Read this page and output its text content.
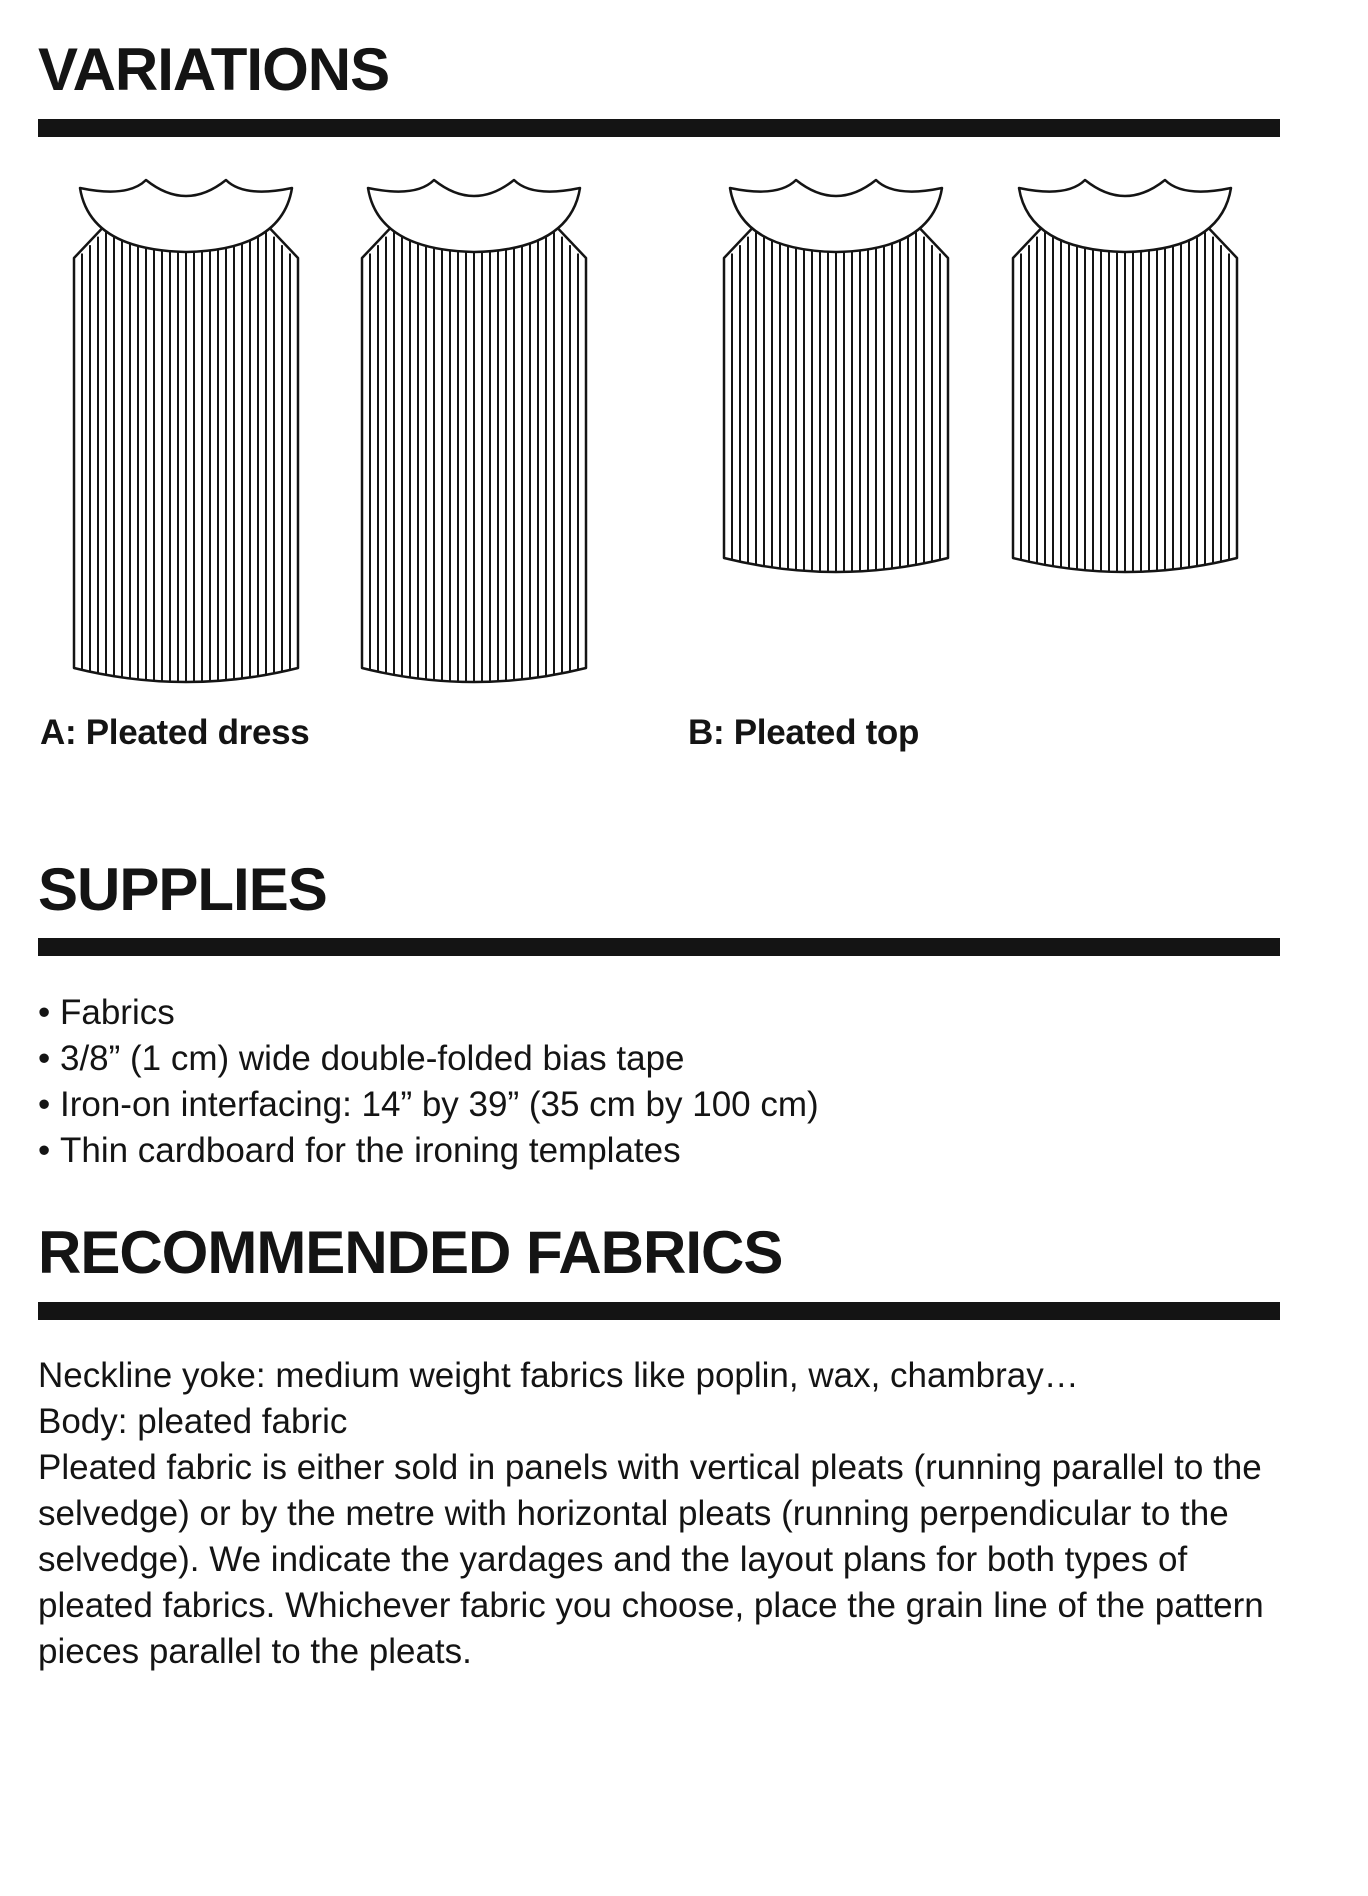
VARIATIONS

A: Pleated dress	B: Pleated top

SUPPLIES
• Fabrics
• 3/8” (1 cm) wide double-folded bias tape
• Iron-on interfacing: 14” by 39” (35 cm by 100 cm)
• Thin cardboard for the ironing templates
RECOMMENDED FABRICS

Neckline yoke: medium weight fabrics like poplin, wax, chambray…

Body: pleated fabric

Pleated fabric is either sold in panels with vertical pleats (running parallel to the selvedge) or by the metre with horizontal pleats (running perpendicular to the selvedge). We indicate the yardages and the layout plans for both types of pleated fabrics. Whichever fabric you choose, place the grain line of the pattern pieces parallel to the pleats.
